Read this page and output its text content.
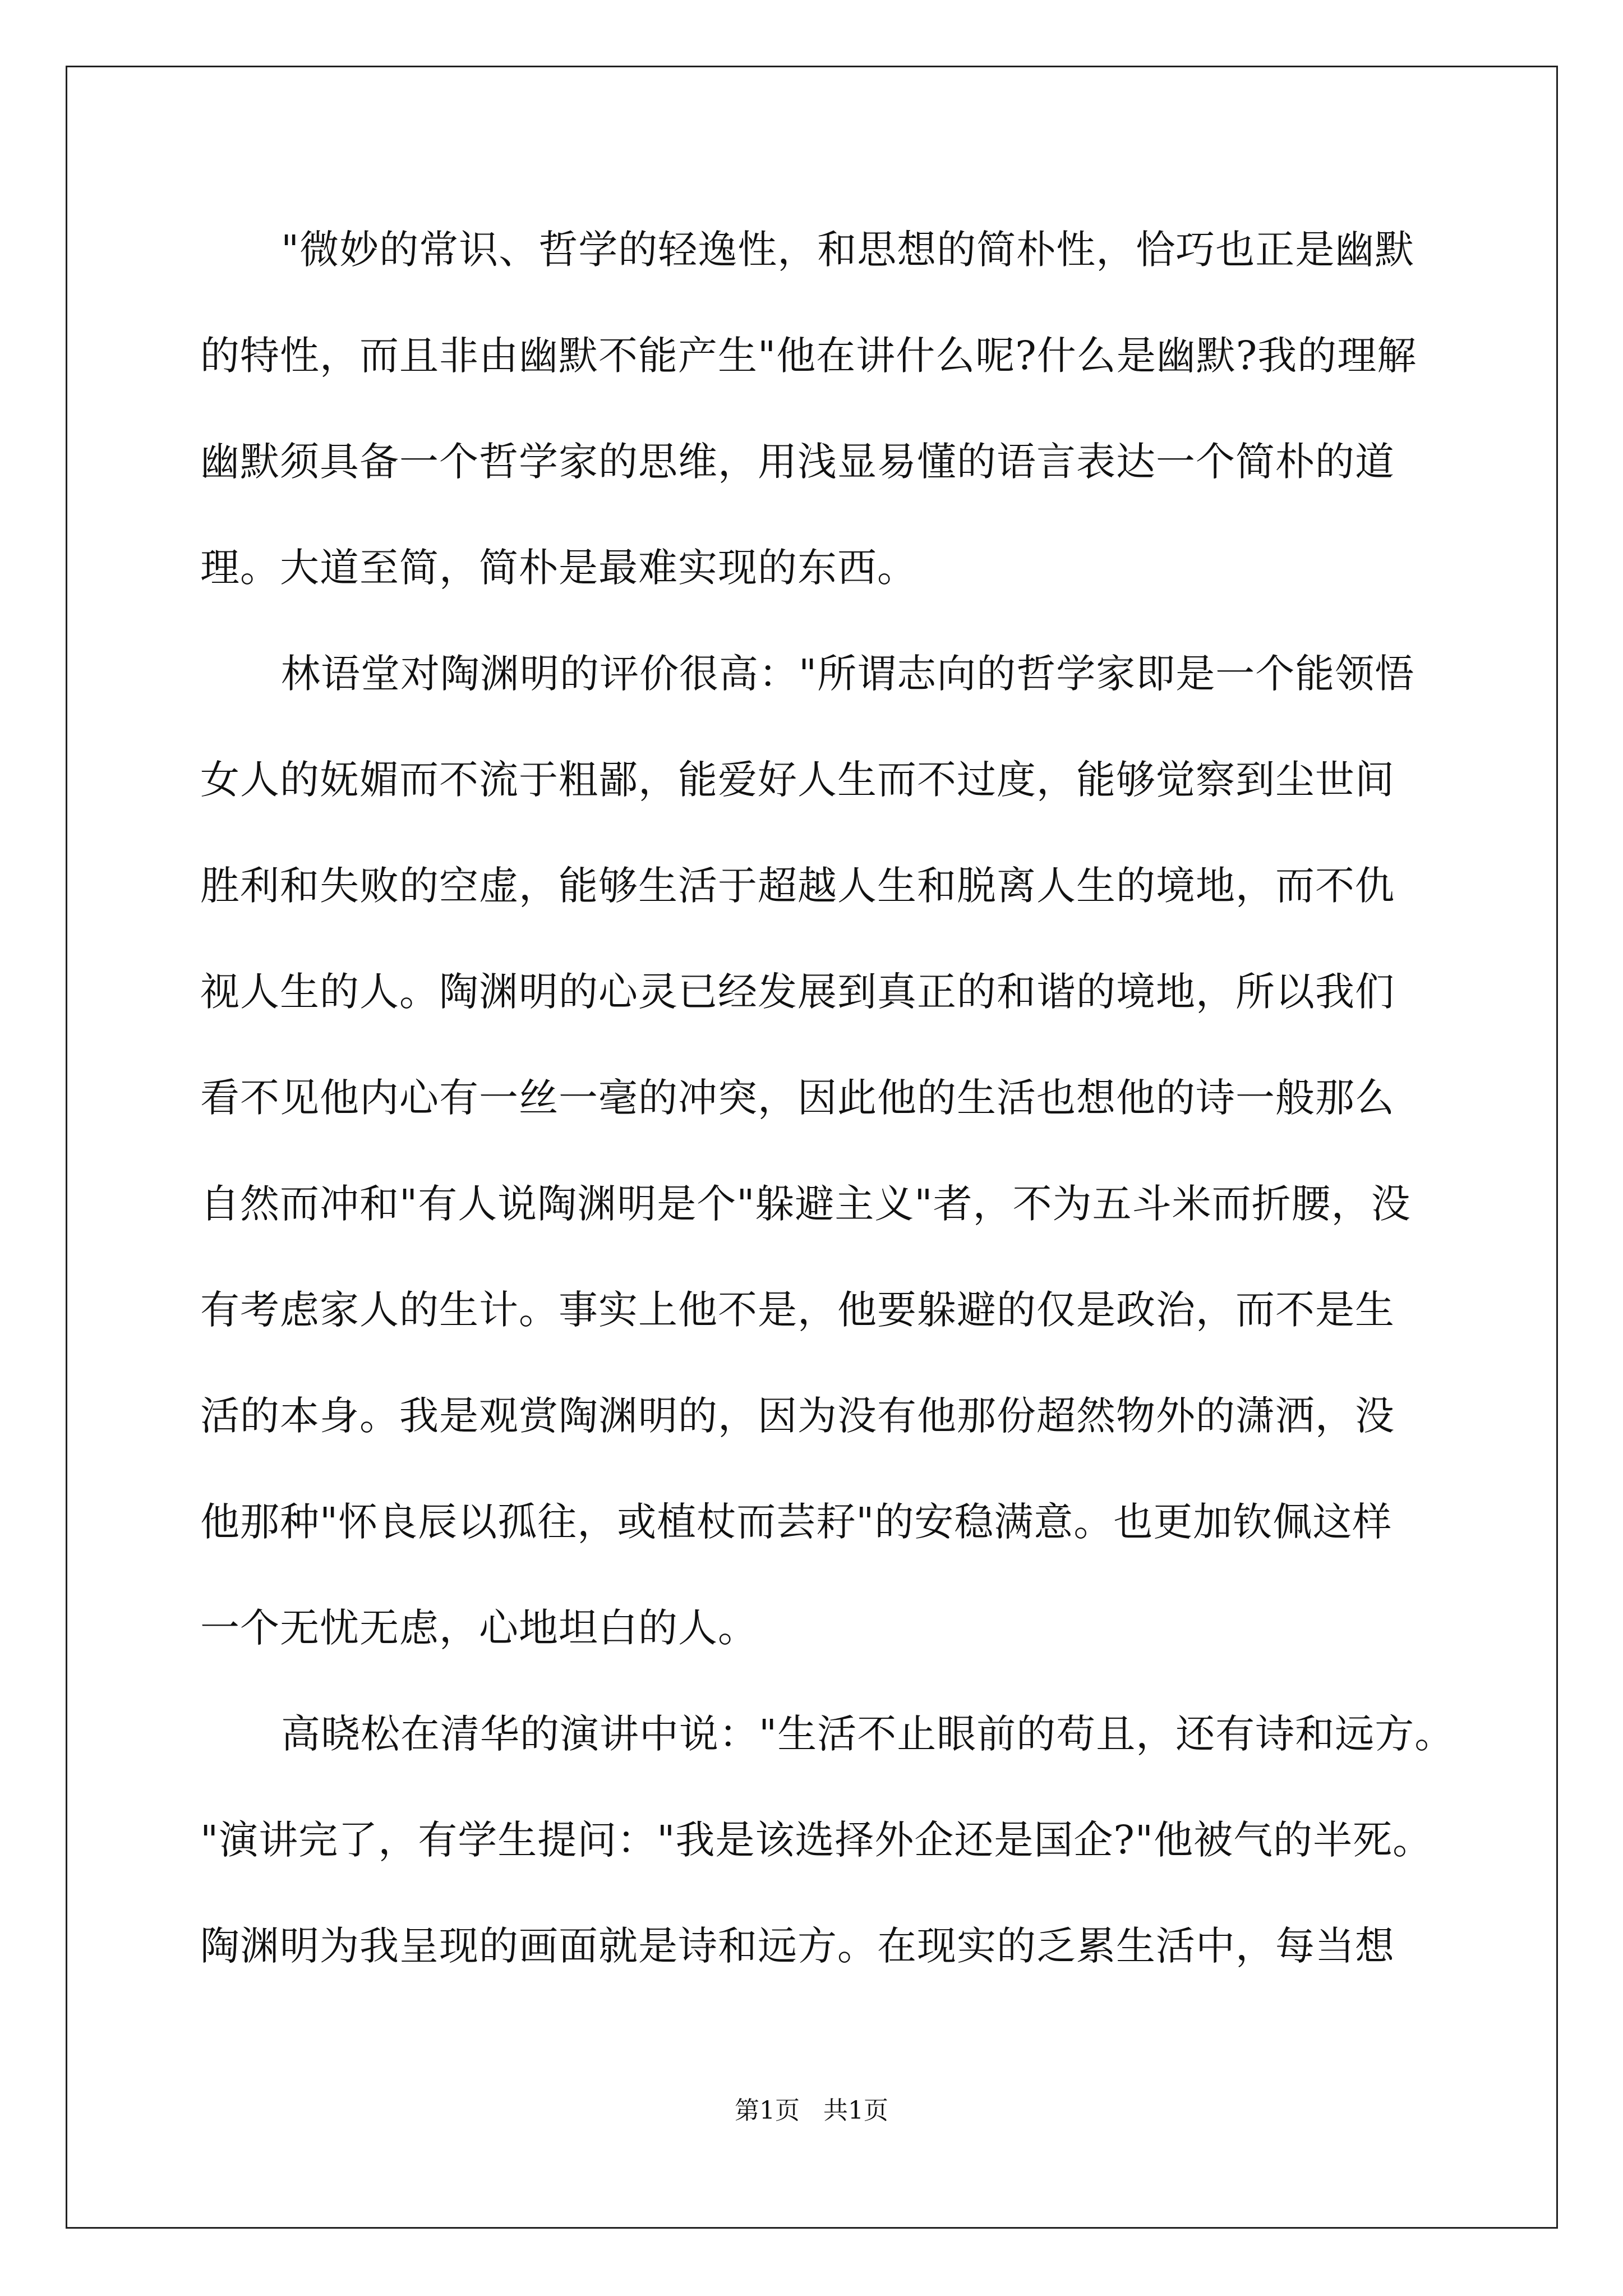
"微妙的常识、哲学的轻逸性，和思想的简朴性，恰巧也正是幽默
的特性，而且非由幽默不能产生"他在讲什么呢?什么是幽默?我的理解
幽默须具备一个哲学家的思维，用浅显易懂的语言表达一个简朴的道
理。大道至简，简朴是最难实现的东西。
林语堂对陶渊明的评价很高："所谓志向的哲学家即是一个能领悟
女人的妩媚而不流于粗鄙，能爱好人生而不过度，能够觉察到尘世间
胜利和失败的空虚，能够生活于超越人生和脱离人生的境地，而不仇
视人生的人。陶渊明的心灵已经发展到真正的和谐的境地，所以我们
看不见他内心有一丝一毫的冲突，因此他的生活也想他的诗一般那么
自然而冲和"有人说陶渊明是个"躲避主义"者，不为五斗米而折腰，没
有考虑家人的生计。事实上他不是，他要躲避的仅是政治，而不是生
活的本身。我是观赏陶渊明的，因为没有他那份超然物外的潇洒，没
他那种"怀良辰以孤往，或植杖而芸耔"的安稳满意。也更加钦佩这样
一个无忧无虑，心地坦白的人。
高晓松在清华的演讲中说："生活不止眼前的苟且，还有诗和远方。
"演讲完了，有学生提问："我是该选择外企还是国企?"他被气的半死。
陶渊明为我呈现的画面就是诗和远方。在现实的乏累生活中，每当想
第1页   共1页
